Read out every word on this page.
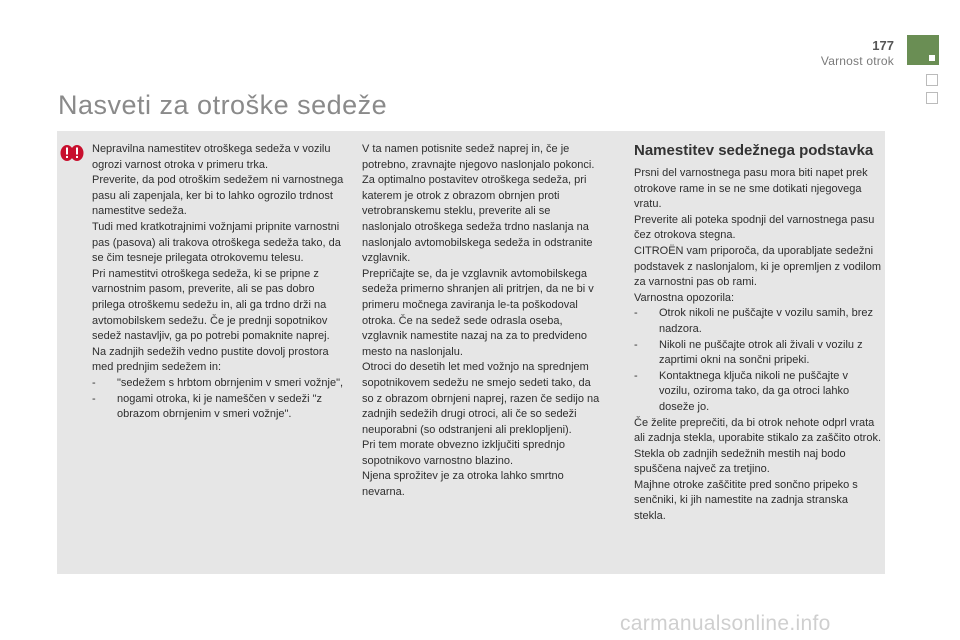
177
Varnost otrok
Nasveti za otroške sedeže

Nepravilna namestitev otroškega sedeža v vozilu ogrozi varnost otroka v primeru trka.

Preverite, da pod otroškim sedežem ni varnostnega pasu ali zapenjala, ker bi to lahko ogrozilo trdnost namestitve sedeža.

Tudi med kratkotrajnimi vožnjami pripnite varnostni pas (pasova) ali trakova otroškega sedeža tako, da se čim tesneje prilegata otrokovemu telesu.

Pri namestitvi otroškega sedeža, ki se pripne z varnostnim pasom, preverite, ali se pas dobro prilega otroškemu sedežu in, ali ga trdno drži na avtomobilskem sedežu. Če je prednji sopotnikov sedež nastavljiv, ga po potrebi pomaknite naprej.

Na zadnjih sedežih vedno pustite dovolj prostora med prednjim sedežem in:

-	"sedežem s hrbtom obrnjenim v smeri vožnje",
-	nogami otroka, ki je nameščen v sedeži "z obrazom obrnjenim v smeri vožnje".

V ta namen potisnite sedež naprej in, če je potrebno, zravnajte njegovo naslonjalo pokonci.

Za optimalno postavitev otroškega sedeža, pri katerem je otrok z obrazom obrnjen proti vetrobranskemu steklu, preverite ali se naslonjalo otroškega sedeža trdno naslanja na naslonjalo avtomobilskega sedeža in odstranite vzglavnik.

Prepričajte se, da je vzglavnik avtomobilskega sedeža primerno shranjen ali pritrjen, da ne bi v primeru močnega zaviranja le-ta poškodoval otroka. Če na sedež sede odrasla oseba, vzglavnik namestite nazaj na za to predvideno mesto na naslonjalu.

Otroci do desetih let med vožnjo na sprednjem sopotnikovem sedežu ne smejo sedeti tako, da so z obrazom obrnjeni naprej, razen če sedijo na zadnjih sedežih drugi otroci, ali če so sedeži neuporabni (so odstranjeni ali preklopljeni).

Pri tem morate obvezno izključiti sprednjo sopotnikovo varnostno blazino.

Njena sprožitev je za otroka lahko smrtno nevarna.

Namestitev sedežnega podstavka

Prsni del varnostnega pasu mora biti napet prek otrokove rame in se ne sme dotikati njegovega vratu.

Preverite ali poteka spodnji del varnostnega pasu čez otrokova stegna.

CITROËN vam priporoča, da uporabljate sedežni podstavek z naslonjalom, ki je opremljen z vodilom za varnostni pas ob rami.

Varnostna opozorila:

-	Otrok nikoli ne puščajte v vozilu samih, brez nadzora.
-	Nikoli ne puščajte otrok ali živali v vozilu z zaprtimi okni na sončni pripeki.
-	Kontaktnega ključa nikoli ne puščajte v vozilu, oziroma tako, da ga otroci lahko doseže jo.

Če želite preprečiti, da bi otrok nehote odprl vrata ali zadnja stekla, uporabite stikalo za zaščito otrok.

Stekla ob zadnjih sedežnih mestih naj bodo spuščena največ za tretjino.

Majhne otroke zaščitite pred sončno pripeko s senčniki, ki jih namestite na zadnja stranska stekla.

carmanualsonline.info
